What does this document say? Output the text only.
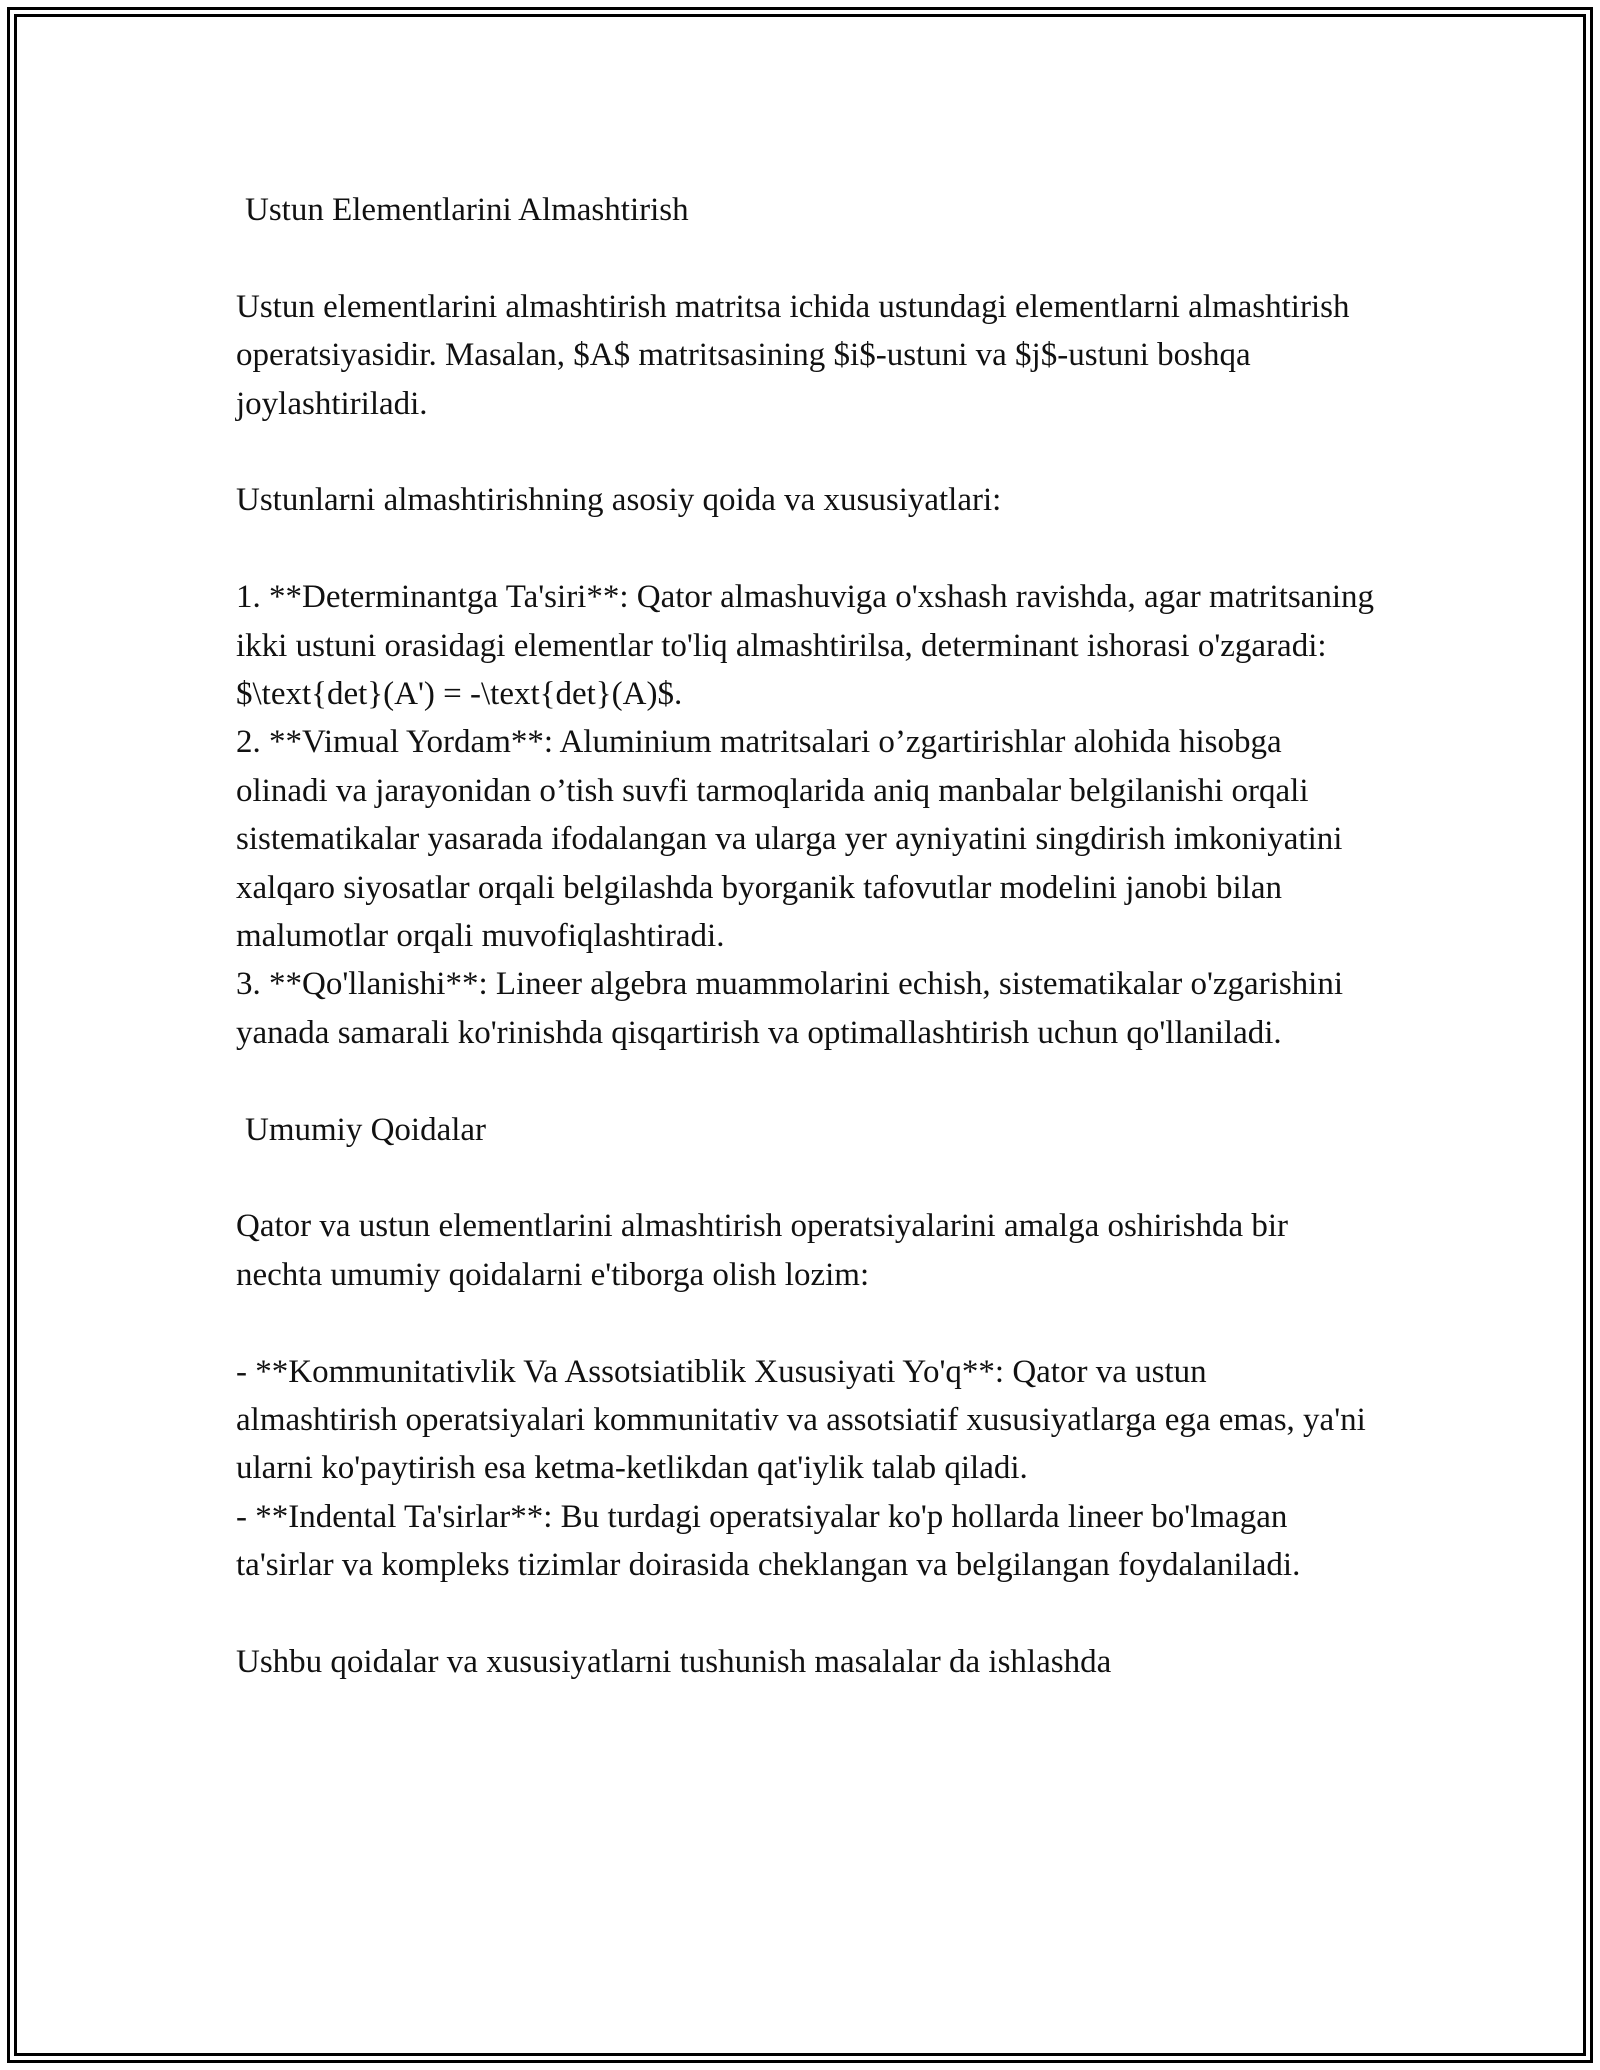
Ustun Elementlarini Almashtirish

Ustun elementlarini almashtirish matritsa ichida ustundagi elementlarni almashtirish operatsiyasidir. Masalan, $A$ matritsasining $i$-ustuni va $j$-ustuni boshqa joylashtiriladi.

Ustunlarni almashtirishning asosiy qoida va xususiyatlari:

1. **Determinantga Ta'siri**: Qator almashuviga o'xshash ravishda, agar matritsaning ikki ustuni orasidagi elementlar to'liq almashtirilsa, determinant ishorasi o'zgaradi: $\text{det}(A') = -\text{det}(A)$.

2. **Vimual Yordam**: Aluminium matritsalari o’zgartirishlar alohida hisobga olinadi va jarayonidan o’tish suvfi tarmoqlarida aniq manbalar belgilanishi orqali sistematikalar yasarada ifodalangan va ularga yer ayniyatini singdirish imkoniyatini xalqaro siyosatlar orqali belgilashda byorganik tafovutlar modelini janobi bilan malumotlar orqali muvofiqlashtiradi.

3. **Qo'llanishi**: Lineer algebra muammolarini echish, sistematikalar o'zgarishini yanada samarali ko'rinishda qisqartirish va optimallashtirish uchun qo'llaniladi.

Umumiy Qoidalar

Qator va ustun elementlarini almashtirish operatsiyalarini amalga oshirishda bir nechta umumiy qoidalarni e'tiborga olish lozim:

- **Kommunitativlik Va Assotsiatiblik Xususiyati Yo'q**: Qator va ustun almashtirish operatsiyalari kommunitativ va assotsiatif xususiyatlarga ega emas, ya'ni ularni ko'paytirish esa ketma-ketlikdan qat'iylik talab qiladi.

- **Indental Ta'sirlar**: Bu turdagi operatsiyalar ko'p hollarda lineer bo'lmagan ta'sirlar va kompleks tizimlar doirasida cheklangan va belgilangan foydalaniladi.

Ushbu qoidalar va xususiyatlarni tushunish masalalar da ishlashda
